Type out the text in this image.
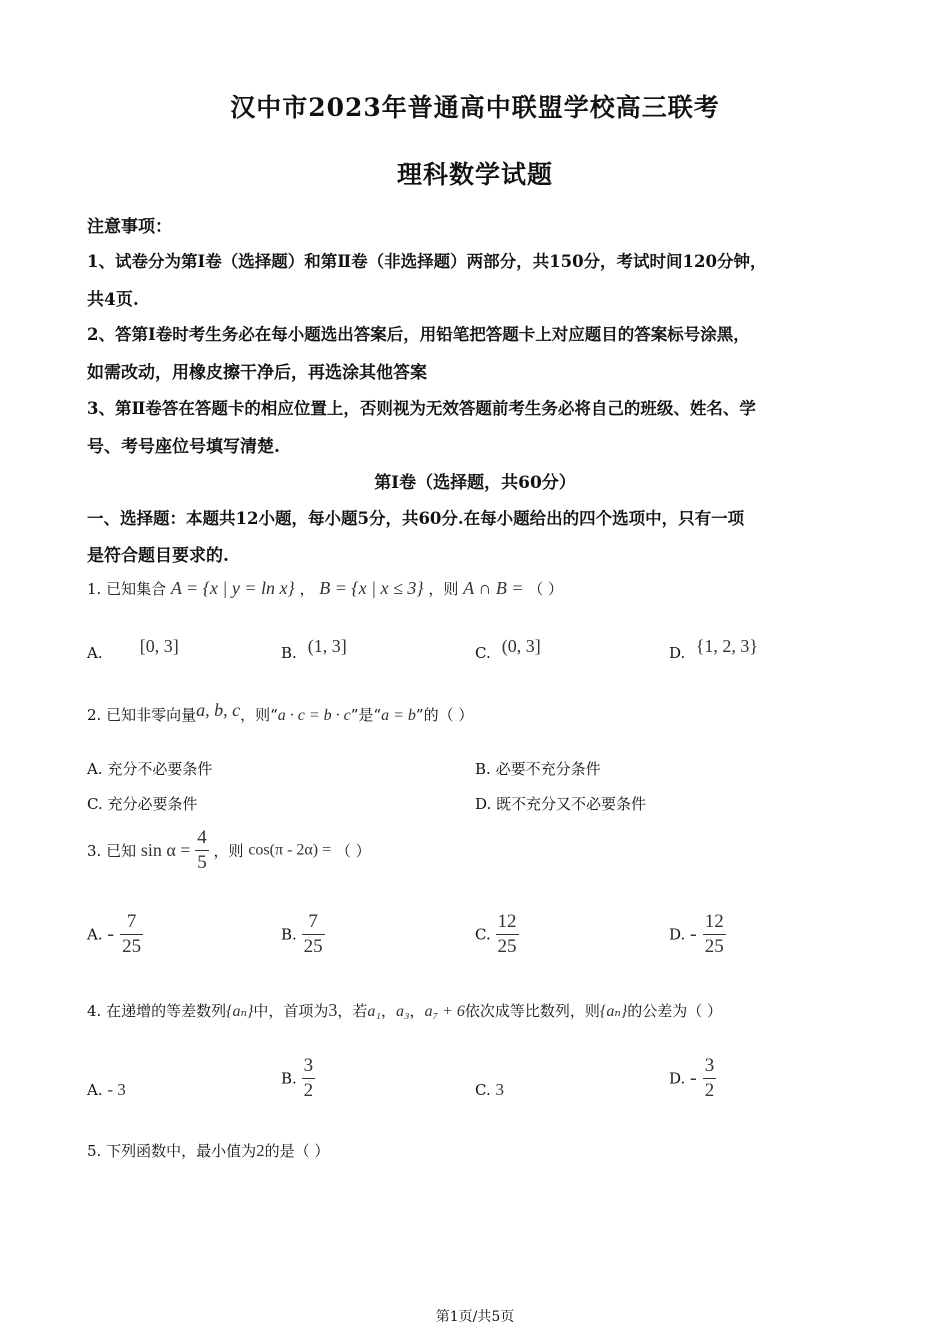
汉中市2023年普通高中联盟学校高三联考
理科数学试题
注意事项：
1、试卷分为第Ⅰ卷（选择题）和第Ⅱ卷（非选择题）两部分，共150分，考试时间120分钟，
共4页.
2、答第Ⅰ卷时考生务必在每小题选出答案后，用铅笔把答题卡上对应题目的答案标号涂黑，
如需改动，用橡皮擦干净后，再选涂其他答案
3、第Ⅱ卷答在答题卡的相应位置上，否则视为无效答题前考生务必将自己的班级、姓名、学
号、考号座位号填写清楚.
第Ⅰ卷（选择题，共60分）
一、选择题：本题共12小题，每小题5分，共60分.在每小题给出的四个选项中，只有一项
是符合题目要求的.
1. 已知集合 A = {x | y = ln x} ， B = {x | x ≤ 3} ，则 A ∩ B = （ ）
A. [0, 3]	B. (1, 3]	C. (0, 3]	D. {1, 2, 3}
2. 已知非零向量a, b, c，则“a · c = b · c”是“a = b”的（ ）
A. 充分不必要条件	B. 必要不充分条件
C. 充分必要条件	D. 既不充分又不必要条件
3. 已知 $\sin \alpha = \frac{4}{5}$ ，则 cos(π - 2α) = （ ）
A. - $\frac{7}{25}$	B. $\frac{7}{25}$	C. $\frac{12}{25}$	D. - $\frac{12}{25}$
4. 在递增的等差数列{aₙ}中，首项为3，若a₁，a₃，a₇ + 6依次成等比数列，则{aₙ}的公差为（ ）
A. - 3
B. $\frac{3}{2}$	C. 3
D. - $\frac{3}{2}$
5. 下列函数中，最小值为2的是（ ）
第1页/共5页
